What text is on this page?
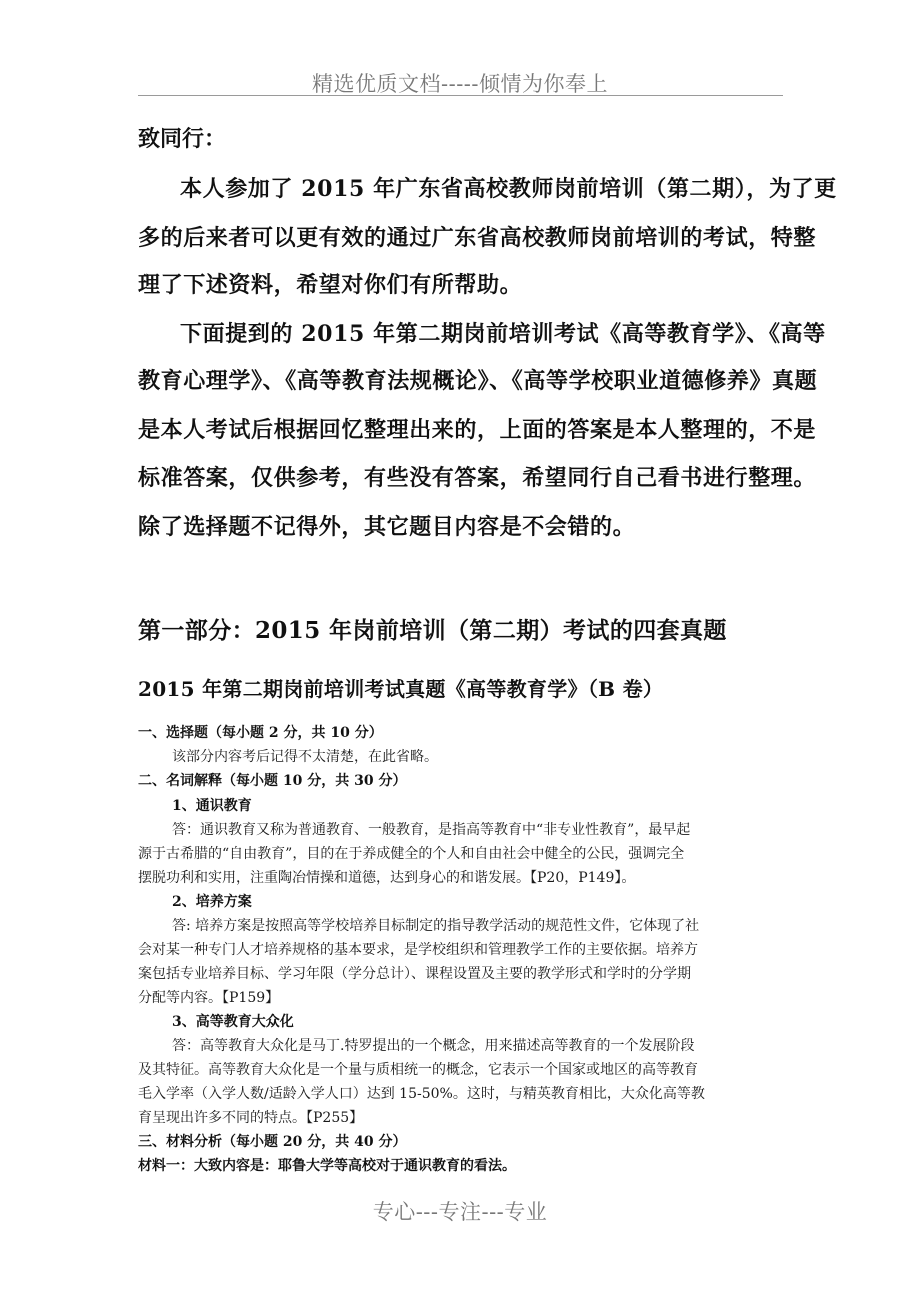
精选优质文档-----倾情为你奉上
致同行：
本人参加了 2015 年广东省高校教师岗前培训（第二期），为了更
多的后来者可以更有效的通过广东省高校教师岗前培训的考试，特整
理了下述资料，希望对你们有所帮助。
下面提到的 2015 年第二期岗前培训考试《高等教育学》、《高等
教育心理学》、《高等教育法规概论》、《高等学校职业道德修养》真题
是本人考试后根据回忆整理出来的，上面的答案是本人整理的，不是
标准答案，仅供参考，有些没有答案，希望同行自己看书进行整理。
除了选择题不记得外，其它题目内容是不会错的。
第一部分：2015 年岗前培训（第二期）考试的四套真题
2015 年第二期岗前培训考试真题《高等教育学》（B 卷）
一、选择题（每小题 2 分，共 10 分）
该部分内容考后记得不太清楚，在此省略。
二、名词解释（每小题 10 分，共 30 分）
1、通识教育
答：通识教育又称为普通教育、一般教育，是指高等教育中“非专业性教育”，最早起
源于古希腊的“自由教育”，目的在于养成健全的个人和自由社会中健全的公民，强调完全
摆脱功利和实用，注重陶冶情操和道德，达到身心的和谐发展。【P20，P149】。
2、培养方案
答: 培养方案是按照高等学校培养目标制定的指导教学活动的规范性文件，它体现了社
会对某一种专门人才培养规格的基本要求，是学校组织和管理教学工作的主要依据。培养方
案包括专业培养目标、学习年限（学分总计）、课程设置及主要的教学形式和学时的分学期
分配等内容。【P159】
3、高等教育大众化
答：高等教育大众化是马丁.特罗提出的一个概念，用来描述高等教育的一个发展阶段
及其特征。高等教育大众化是一个量与质相统一的概念，它表示一个国家或地区的高等教育
毛入学率（入学人数/适龄入学人口）达到 15-50%。这时，与精英教育相比，大众化高等教
育呈现出许多不同的特点。【P255】
三、材料分析（每小题 20 分，共 40 分）
材料一：大致内容是：耶鲁大学等高校对于通识教育的看法。
专心---专注---专业
